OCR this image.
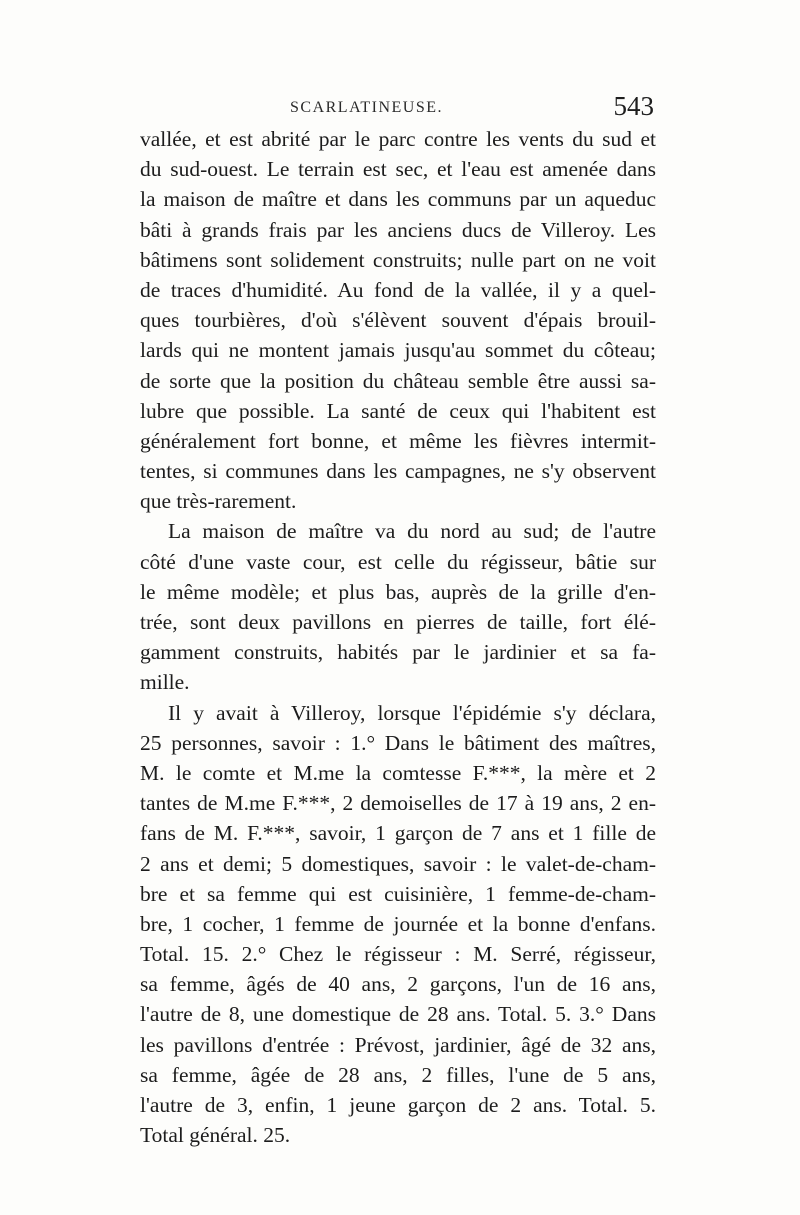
SCARLATINEUSE.	543
vallée, et est abrité par le parc contre les vents du sud et
du sud-ouest. Le terrain est sec, et l'eau est amenée dans
la maison de maître et dans les communs par un aqueduc
bâti à grands frais par les anciens ducs de Villeroy. Les
bâtimens sont solidement construits; nulle part on ne voit
de traces d'humidité. Au fond de la vallée, il y a quel-
ques tourbières, d'où s'élèvent souvent d'épais brouil-
lards qui ne montent jamais jusqu'au sommet du côteau;
de sorte que la position du château semble être aussi sa-
lubre que possible. La santé de ceux qui l'habitent est
généralement fort bonne, et même les fièvres intermit-
tentes, si communes dans les campagnes, ne s'y observent
que très-rarement.
La maison de maître va du nord au sud; de l'autre
côté d'une vaste cour, est celle du régisseur, bâtie sur
le même modèle; et plus bas, auprès de la grille d'en-
trée, sont deux pavillons en pierres de taille, fort élé-
gamment construits, habités par le jardinier et sa fa-
mille.
Il y avait à Villeroy, lorsque l'épidémie s'y déclara,
25 personnes, savoir : 1.° Dans le bâtiment des maîtres,
M. le comte et M.me la comtesse F.***, la mère et 2
tantes de M.me F.***, 2 demoiselles de 17 à 19 ans, 2 en-
fans de M. F.***, savoir, 1 garçon de 7 ans et 1 fille de
2 ans et demi; 5 domestiques, savoir : le valet-de-cham-
bre et sa femme qui est cuisinière, 1 femme-de-cham-
bre, 1 cocher, 1 femme de journée et la bonne d'enfans.
Total. 15. 2.° Chez le régisseur : M. Serré, régisseur,
sa femme, âgés de 40 ans, 2 garçons, l'un de 16 ans,
l'autre de 8, une domestique de 28 ans. Total. 5. 3.° Dans
les pavillons d'entrée : Prévost, jardinier, âgé de 32 ans,
sa femme, âgée de 28 ans, 2 filles, l'une de 5 ans,
l'autre de 3, enfin, 1 jeune garçon de 2 ans. Total. 5.
Total général. 25.
